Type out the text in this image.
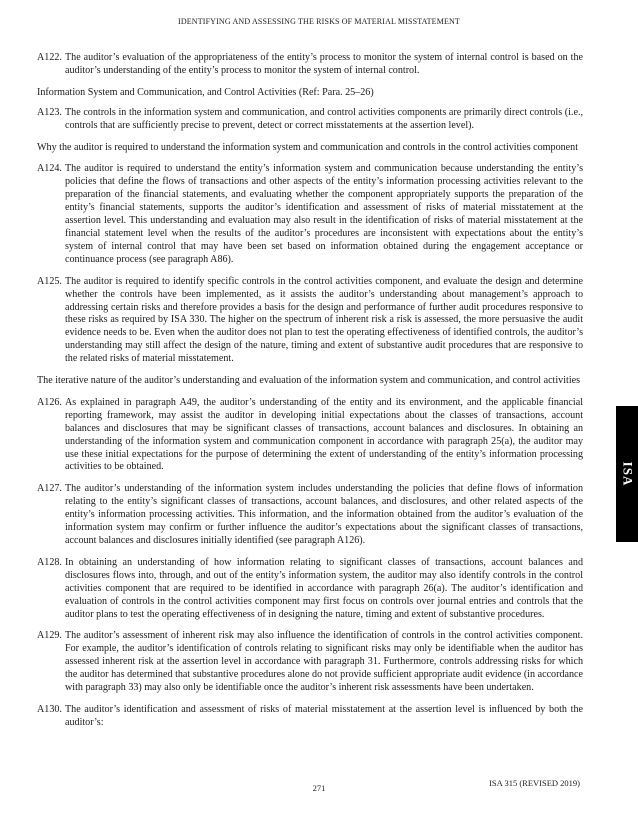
IDENTIFYING AND ASSESSING THE RISKS OF MATERIAL MISSTATEMENT
A122. The auditor’s evaluation of the appropriateness of the entity’s process to monitor the system of internal control is based on the auditor’s understanding of the entity’s process to monitor the system of internal control.
Information System and Communication, and Control Activities (Ref: Para. 25–26)
A123. The controls in the information system and communication, and control activities components are primarily direct controls (i.e., controls that are sufficiently precise to prevent, detect or correct misstatements at the assertion level).
Why the auditor is required to understand the information system and communication and controls in the control activities component
A124. The auditor is required to understand the entity’s information system and communication because understanding the entity’s policies that define the flows of transactions and other aspects of the entity’s information processing activities relevant to the preparation of the financial statements, and evaluating whether the component appropriately supports the preparation of the entity’s financial statements, supports the auditor’s identification and assessment of risks of material misstatement at the assertion level. This understanding and evaluation may also result in the identification of risks of material misstatement at the financial statement level when the results of the auditor’s procedures are inconsistent with expectations about the entity’s system of internal control that may have been set based on information obtained during the engagement acceptance or continuance process (see paragraph A86).
A125. The auditor is required to identify specific controls in the control activities component, and evaluate the design and determine whether the controls have been implemented, as it assists the auditor’s understanding about management’s approach to addressing certain risks and therefore provides a basis for the design and performance of further audit procedures responsive to these risks as required by ISA 330. The higher on the spectrum of inherent risk a risk is assessed, the more persuasive the audit evidence needs to be. Even when the auditor does not plan to test the operating effectiveness of identified controls, the auditor’s understanding may still affect the design of the nature, timing and extent of substantive audit procedures that are responsive to the related risks of material misstatement.
The iterative nature of the auditor’s understanding and evaluation of the information system and communication, and control activities
A126. As explained in paragraph A49, the auditor’s understanding of the entity and its environment, and the applicable financial reporting framework, may assist the auditor in developing initial expectations about the classes of transactions, account balances and disclosures that may be significant classes of transactions, account balances and disclosures. In obtaining an understanding of the information system and communication component in accordance with paragraph 25(a), the auditor may use these initial expectations for the purpose of determining the extent of understanding of the entity’s information processing activities to be obtained.
A127. The auditor’s understanding of the information system includes understanding the policies that define flows of information relating to the entity’s significant classes of transactions, account balances, and disclosures, and other related aspects of the entity’s information processing activities. This information, and the information obtained from the auditor’s evaluation of the information system may confirm or further influence the auditor’s expectations about the significant classes of transactions, account balances and disclosures initially identified (see paragraph A126).
A128. In obtaining an understanding of how information relating to significant classes of transactions, account balances and disclosures flows into, through, and out of the entity’s information system, the auditor may also identify controls in the control activities component that are required to be identified in accordance with paragraph 26(a). The auditor’s identification and evaluation of controls in the control activities component may first focus on controls over journal entries and controls that the auditor plans to test the operating effectiveness of in designing the nature, timing and extent of substantive procedures.
A129. The auditor’s assessment of inherent risk may also influence the identification of controls in the control activities component. For example, the auditor’s identification of controls relating to significant risks may only be identifiable when the auditor has assessed inherent risk at the assertion level in accordance with paragraph 31. Furthermore, controls addressing risks for which the auditor has determined that substantive procedures alone do not provide sufficient appropriate audit evidence (in accordance with paragraph 33) may also only be identifiable once the auditor’s inherent risk assessments have been undertaken.
A130. The auditor’s identification and assessment of risks of material misstatement at the assertion level is influenced by both the auditor’s:
ISA
271	ISA 315 (REVISED 2019)
